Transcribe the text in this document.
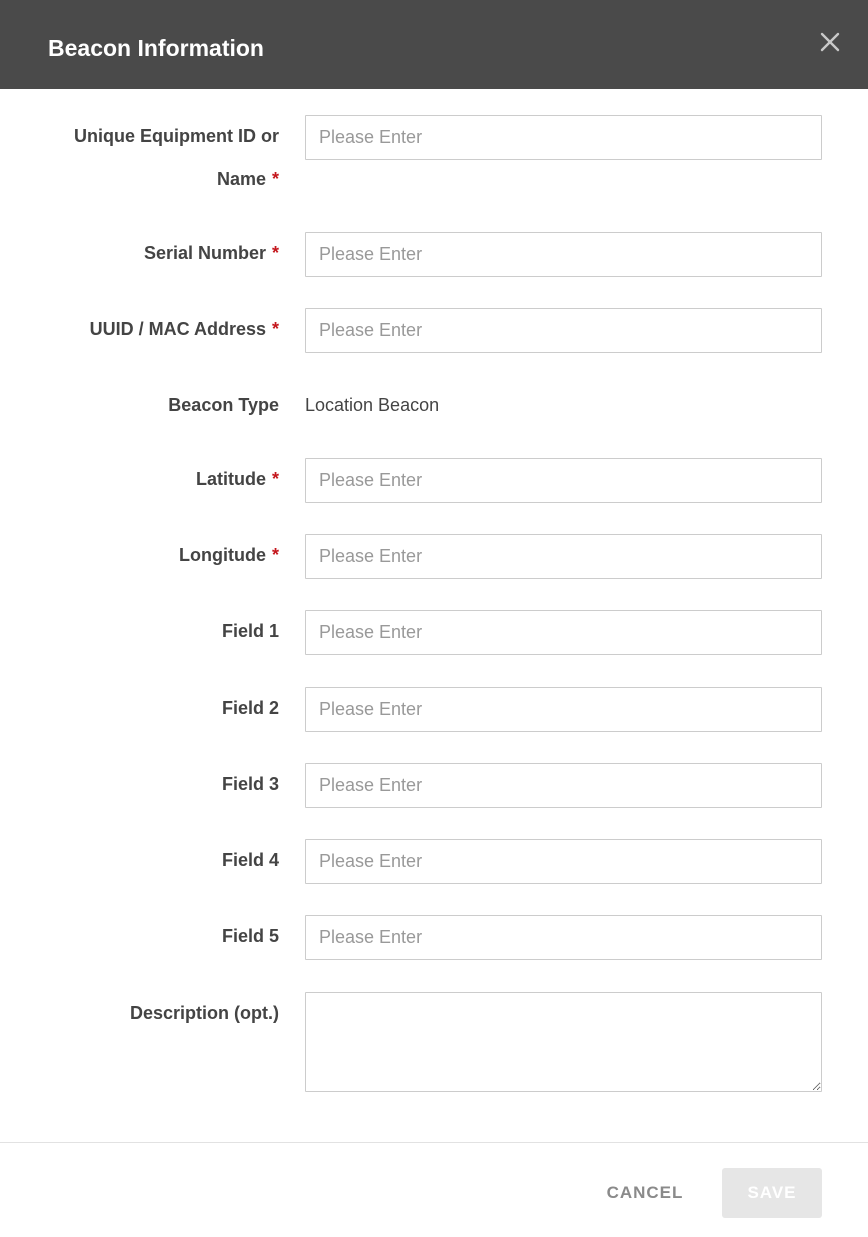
Beacon Information
Unique Equipment ID or
Name *
Please Enter
Serial Number *
Please Enter
UUID / MAC Address *
Please Enter
Beacon Type Location Beacon
Latitude *
Please Enter
Longitude *
Please Enter
Field 1
Please Enter
Field 2
Please Enter
Field 3
Please Enter
Field 4
Please Enter
Field 5
Please Enter
Description (opt.)
CANCEL	SAVE
